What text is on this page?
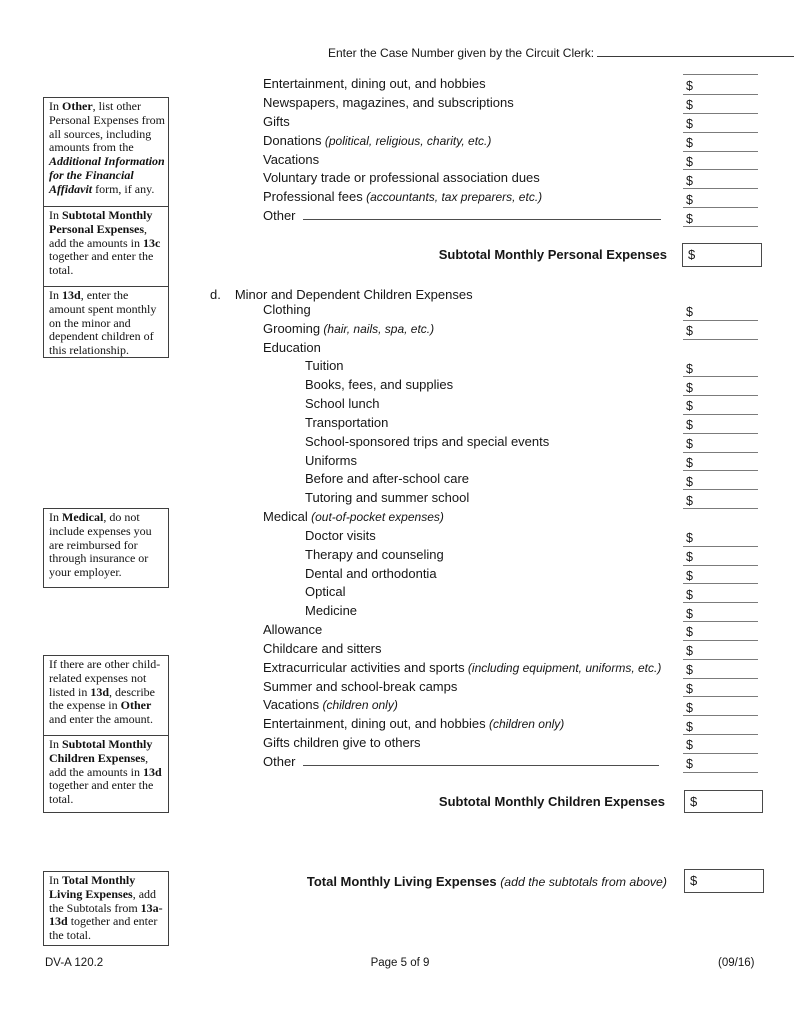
Enter the Case Number given by the Circuit Clerk:
In Other, list other Personal Expenses from all sources, including amounts from the Additional Information for the Financial Affidavit form, if any.
In Subtotal Monthly Personal Expenses, add the amounts in 13c together and enter the total.
In 13d, enter the amount spent monthly on the minor and dependent children of this relationship.
In Medical, do not include expenses you are reimbursed for through insurance or your employer.
If there are other child-related expenses not listed in 13d, describe the expense in Other and enter the amount.
In Subtotal Monthly Children Expenses, add the amounts in 13d together and enter the total.
In Total Monthly Living Expenses, add the Subtotals from 13a-13d together and enter the total.
Entertainment, dining out, and hobbies	$
Newspapers, magazines, and subscriptions	$
Gifts	$
Donations (political, religious, charity, etc.)	$
Vacations	$
Voluntary trade or professional association dues	$
Professional fees (accountants, tax preparers, etc.)	$
Other	$
Subtotal Monthly Personal Expenses $
d. Minor and Dependent Children Expenses
Clothing	$
Grooming (hair, nails, spa, etc.)	$
Education
Tuition	$
Books, fees, and supplies	$
School lunch	$
Transportation	$
School-sponsored trips and special events	$
Uniforms	$
Before and after-school care	$
Tutoring and summer school	$
Medical (out-of-pocket expenses)
Doctor visits	$
Therapy and counseling	$
Dental and orthodontia	$
Optical	$
Medicine	$
Allowance	$
Childcare and sitters	$
Extracurricular activities and sports (including equipment, uniforms, etc.) $
Summer and school-break camps	$
Vacations (children only)	$
Entertainment, dining out, and hobbies (children only)	$
Gifts children give to others	$
Other	$
Subtotal Monthly Children Expenses $
Total Monthly Living Expenses (add the subtotals from above) $
DV-A 120.2	Page 5 of 9	(09/16)
